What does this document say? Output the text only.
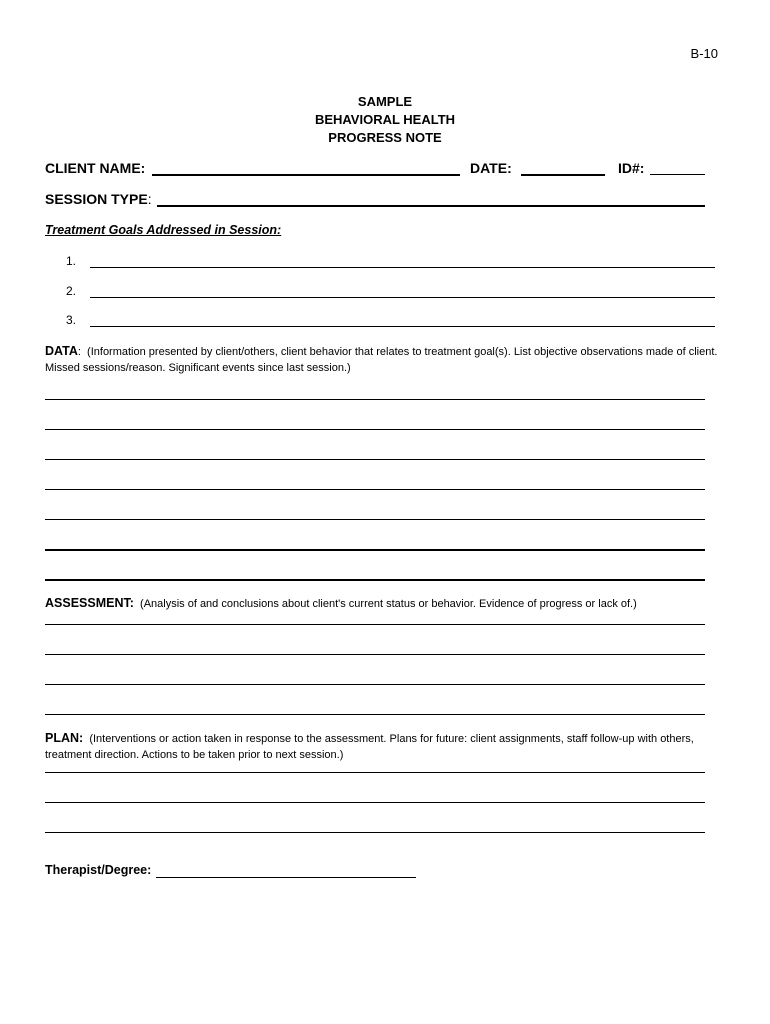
B-10
SAMPLE
BEHAVIORAL HEALTH
PROGRESS NOTE
CLIENT NAME:	DATE:	ID#:
SESSION TYPE:
Treatment Goals Addressed in Session:
1.
2.
3.
DATA:  (Information presented by client/others, client behavior that relates to treatment goal(s). List objective observations made of client. Missed sessions/reason. Significant events since last session.)
ASSESSMENT: (Analysis of and conclusions about client's current status or behavior. Evidence of progress or lack of.)
PLAN: (Interventions or action taken in response to the assessment. Plans for future: client assignments, staff follow-up with others, treatment direction. Actions to be taken prior to next session.)
Therapist/Degree:
